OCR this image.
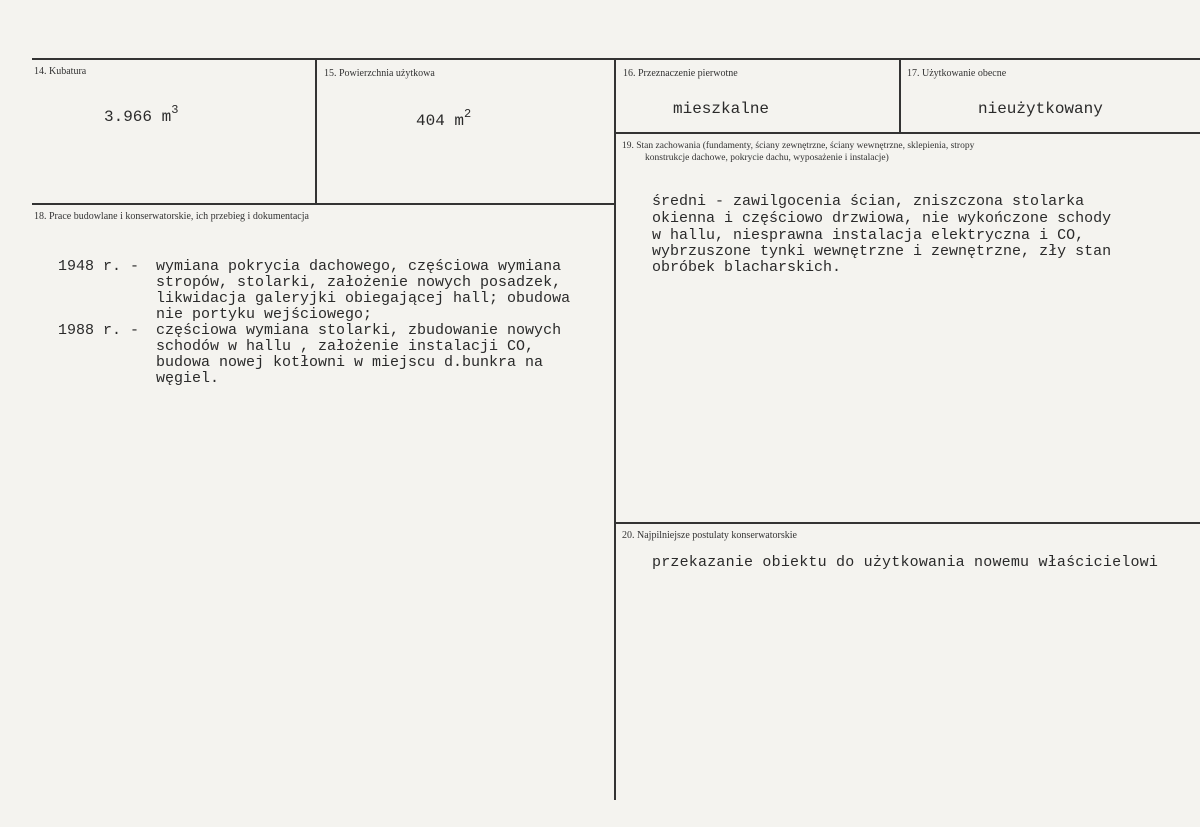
14. Kubatura
3.966 $m^3$
15. Powierzchnia użytkowa
404 $m^2$
16. Przeznaczenie pierwotne
mieszkalne
17. Użytkowanie obecne
nieużytkowany
19. Stan zachowania (fundamenty, ściany zewnętrzne, ściany wewnętrzne, sklepienia, stropy
konstrukcje dachowe, pokrycie dachu, wyposażenie i instalacje)
średni - zawilgocenia ścian, zniszczona stolarka
okienna i częściowo drzwiowa, nie wykończone schody
w hallu, niesprawna instalacja elektryczna i CO,
wybrzuszone tynki wewnętrzne i zewnętrzne, zły stan
obróbek blacharskich.
18. Prace budowlane i konserwatorskie, ich przebieg i dokumentacja
1948 r. - wymiana pokrycia dachowego, częściowa wymiana
stropów, stolarki, założenie nowych posadzek,
likwidacja galeryjki obiegającej hall; obudowa
nie portyku wejściowego;
1988 r. - częściowa wymiana stolarki, zbudowanie nowych
schodów w hallu , założenie instalacji CO,
budowa nowej kotłowni w miejscu d.bunkra na
węgiel.
20. Najpilniejsze postulaty konserwatorskie
przekazanie obiektu do użytkowania nowemu właścicielowi
